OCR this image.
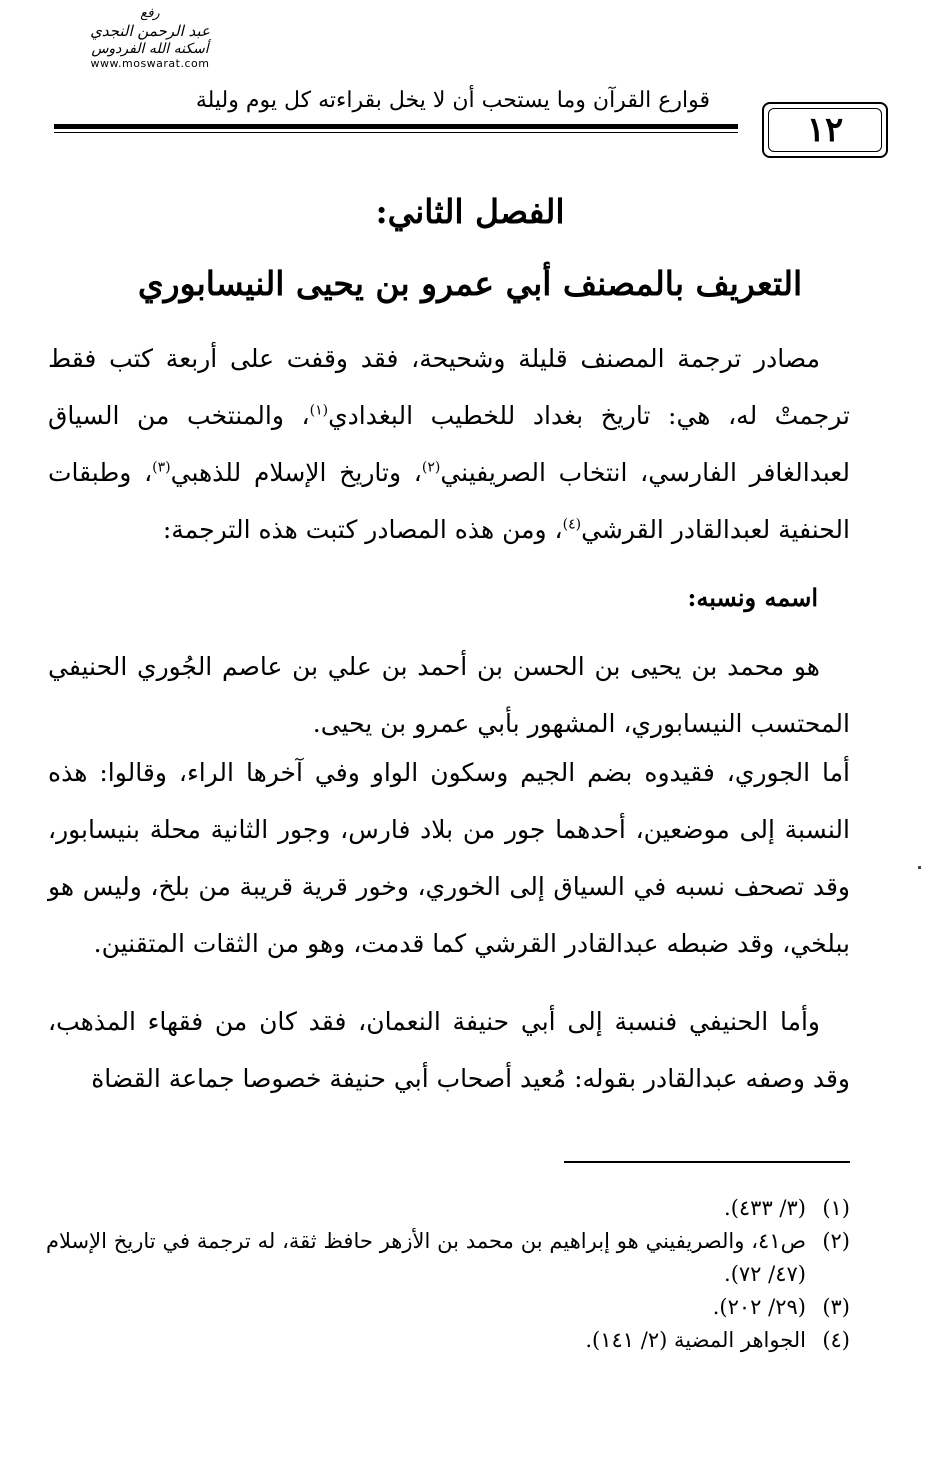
رفع
عبد الرحمن النجدي
أسكنه الله الفردوس
www.moswarat.com
قوارع القرآن وما يستحب أن لا يخل بقراءته كل يوم وليلة
١٢
الفصل الثاني:
التعريف بالمصنف أبي عمرو بن يحيى النيسابوري

مصادر ترجمة المصنف قليلة وشحيحة، فقد وقفت على أربعة كتب فقط ترجمتْ له، هي: تاريخ بغداد للخطيب البغدادي$^{(١)}$، والمنتخب من السياق لعبدالغافر الفارسي، انتخاب الصريفيني$^{(٢)}$، وتاريخ الإسلام للذهبي$^{(٣)}$، وطبقات الحنفية لعبدالقادر القرشي$^{(٤)}$، ومن هذه المصادر كتبت هذه الترجمة:

اسمه ونسبه:

هو محمد بن يحيى بن الحسن بن أحمد بن علي بن عاصم الجُوري الحنيفي المحتسب النيسابوري، المشهور بأبي عمرو بن يحيى.

أما الجوري، فقيدوه بضم الجيم وسكون الواو وفي آخرها الراء، وقالوا: هذه النسبة إلى موضعين، أحدهما جور من بلاد فارس، وجور الثانية محلة بنيسابور، وقد تصحف نسبه في السياق إلى الخوري، وخور قرية قريبة من بلخ، وليس هو ببلخي، وقد ضبطه عبدالقادر القرشي كما قدمت، وهو من الثقات المتقنين.

وأما الحنيفي فنسبة إلى أبي حنيفة النعمان، فقد كان من فقهاء المذهب، وقد وصفه عبدالقادر بقوله: مُعيد أصحاب أبي حنيفة خصوصا جماعة القضاة

(١)
(٣/ ٤٣٣).
(٢)
ص٤١، والصريفيني هو إبراهيم بن محمد بن الأزهر حافظ ثقة، له ترجمة في تاريخ الإسلام (٤٧/ ٧٢).
(٣)
(٢٩/ ٢٠٢).
(٤)
الجواهر المضية (٢/ ١٤١).
